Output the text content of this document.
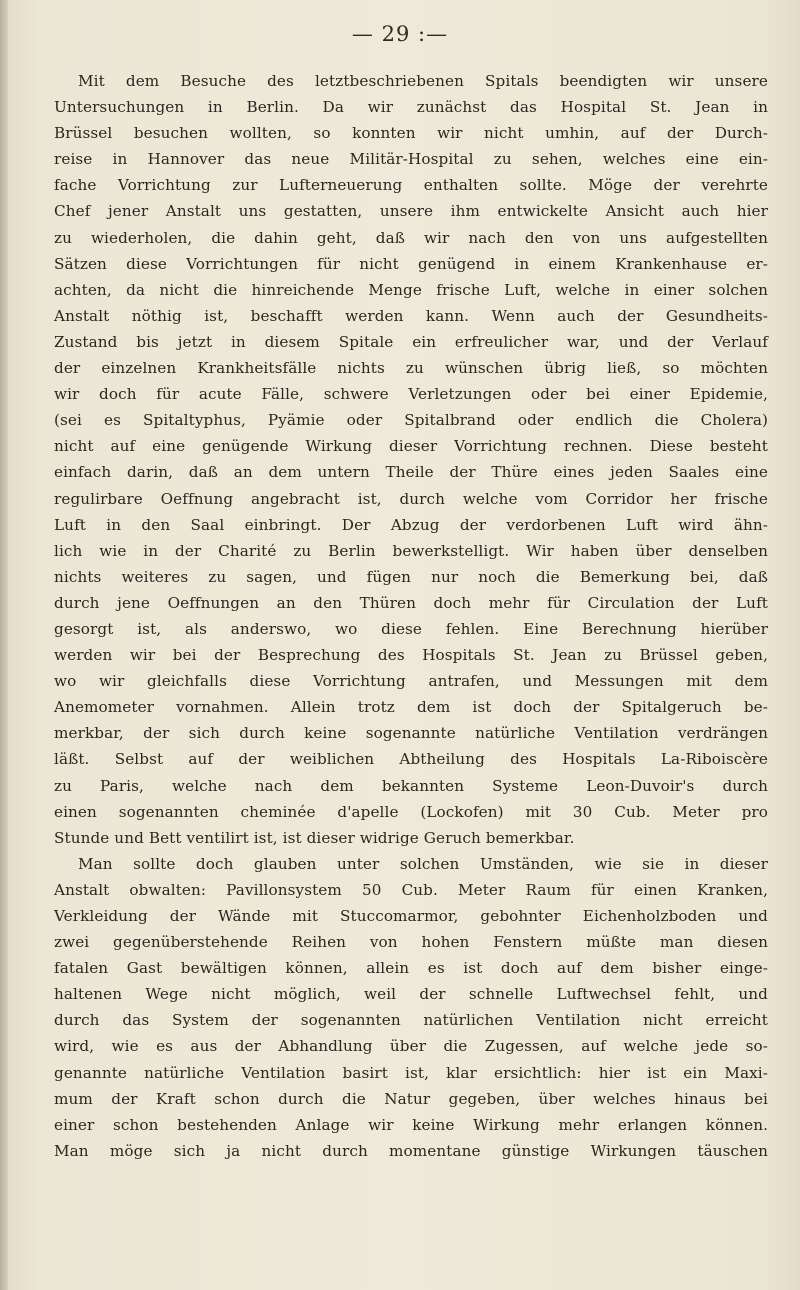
— 29 :—
Mit dem Besuche des letztbeschriebenen Spitals beendigten wir unsere
Untersuchungen in Berlin. Da wir zunächst das Hospital St. Jean in
Brüssel besuchen wollten, so konnten wir nicht umhin, auf der Durch-
reise in Hannover das neue Militär-Hospital zu sehen, welches eine ein-
fache Vorrichtung zur Lufterneuerung enthalten sollte. Möge der verehrte
Chef jener Anstalt uns gestatten, unsere ihm entwickelte Ansicht auch hier
zu wiederholen, die dahin geht, daß wir nach den von uns aufgestellten
Sätzen diese Vorrichtungen für nicht genügend in einem Krankenhause er-
achten, da nicht die hinreichende Menge frische Luft, welche in einer solchen
Anstalt nöthig ist, beschafft werden kann. Wenn auch der Gesundheits-
Zustand bis jetzt in diesem Spitale ein erfreulicher war, und der Verlauf
der einzelnen Krankheitsfälle nichts zu wünschen übrig ließ, so möchten
wir doch für acute Fälle, schwere Verletzungen oder bei einer Epidemie,
(sei es Spitaltyphus, Pyämie oder Spitalbrand oder endlich die Cholera)
nicht auf eine genügende Wirkung dieser Vorrichtung rechnen. Diese besteht
einfach darin, daß an dem untern Theile der Thüre eines jeden Saales eine
regulirbare Oeffnung angebracht ist, durch welche vom Corridor her frische
Luft in den Saal einbringt. Der Abzug der verdorbenen Luft wird ähn-
lich wie in der Charité zu Berlin bewerkstelligt. Wir haben über denselben
nichts weiteres zu sagen, und fügen nur noch die Bemerkung bei, daß
durch jene Oeffnungen an den Thüren doch mehr für Circulation der Luft
gesorgt ist, als anderswo, wo diese fehlen. Eine Berechnung hierüber
werden wir bei der Besprechung des Hospitals St. Jean zu Brüssel geben,
wo wir gleichfalls diese Vorrichtung antrafen, und Messungen mit dem
Anemometer vornahmen. Allein trotz dem ist doch der Spitalgeruch be-
merkbar, der sich durch keine sogenannte natürliche Ventilation verdrängen
läßt. Selbst auf der weiblichen Abtheilung des Hospitals La-Riboiscère
zu Paris, welche nach dem bekannten Systeme Leon-Duvoir's durch
einen sogenannten cheminée d'apelle (Lockofen) mit 30 Cub. Meter pro
Stunde und Bett ventilirt ist, ist dieser widrige Geruch bemerkbar.
Man sollte doch glauben unter solchen Umständen, wie sie in dieser
Anstalt obwalten: Pavillonsystem 50 Cub. Meter Raum für einen Kranken,
Verkleidung der Wände mit Stuccomarmor, gebohnter Eichenholzboden und
zwei gegenüberstehende Reihen von hohen Fenstern müßte man diesen
fatalen Gast bewältigen können, allein es ist doch auf dem bisher einge-
haltenen Wege nicht möglich, weil der schnelle Luftwechsel fehlt, und
durch das System der sogenannten natürlichen Ventilation nicht erreicht
wird, wie es aus der Abhandlung über die Zugessen, auf welche jede so-
genannte natürliche Ventilation basirt ist, klar ersichtlich: hier ist ein Maxi-
mum der Kraft schon durch die Natur gegeben, über welches hinaus bei
einer schon bestehenden Anlage wir keine Wirkung mehr erlangen können.
Man möge sich ja nicht durch momentane günstige Wirkungen täuschen
